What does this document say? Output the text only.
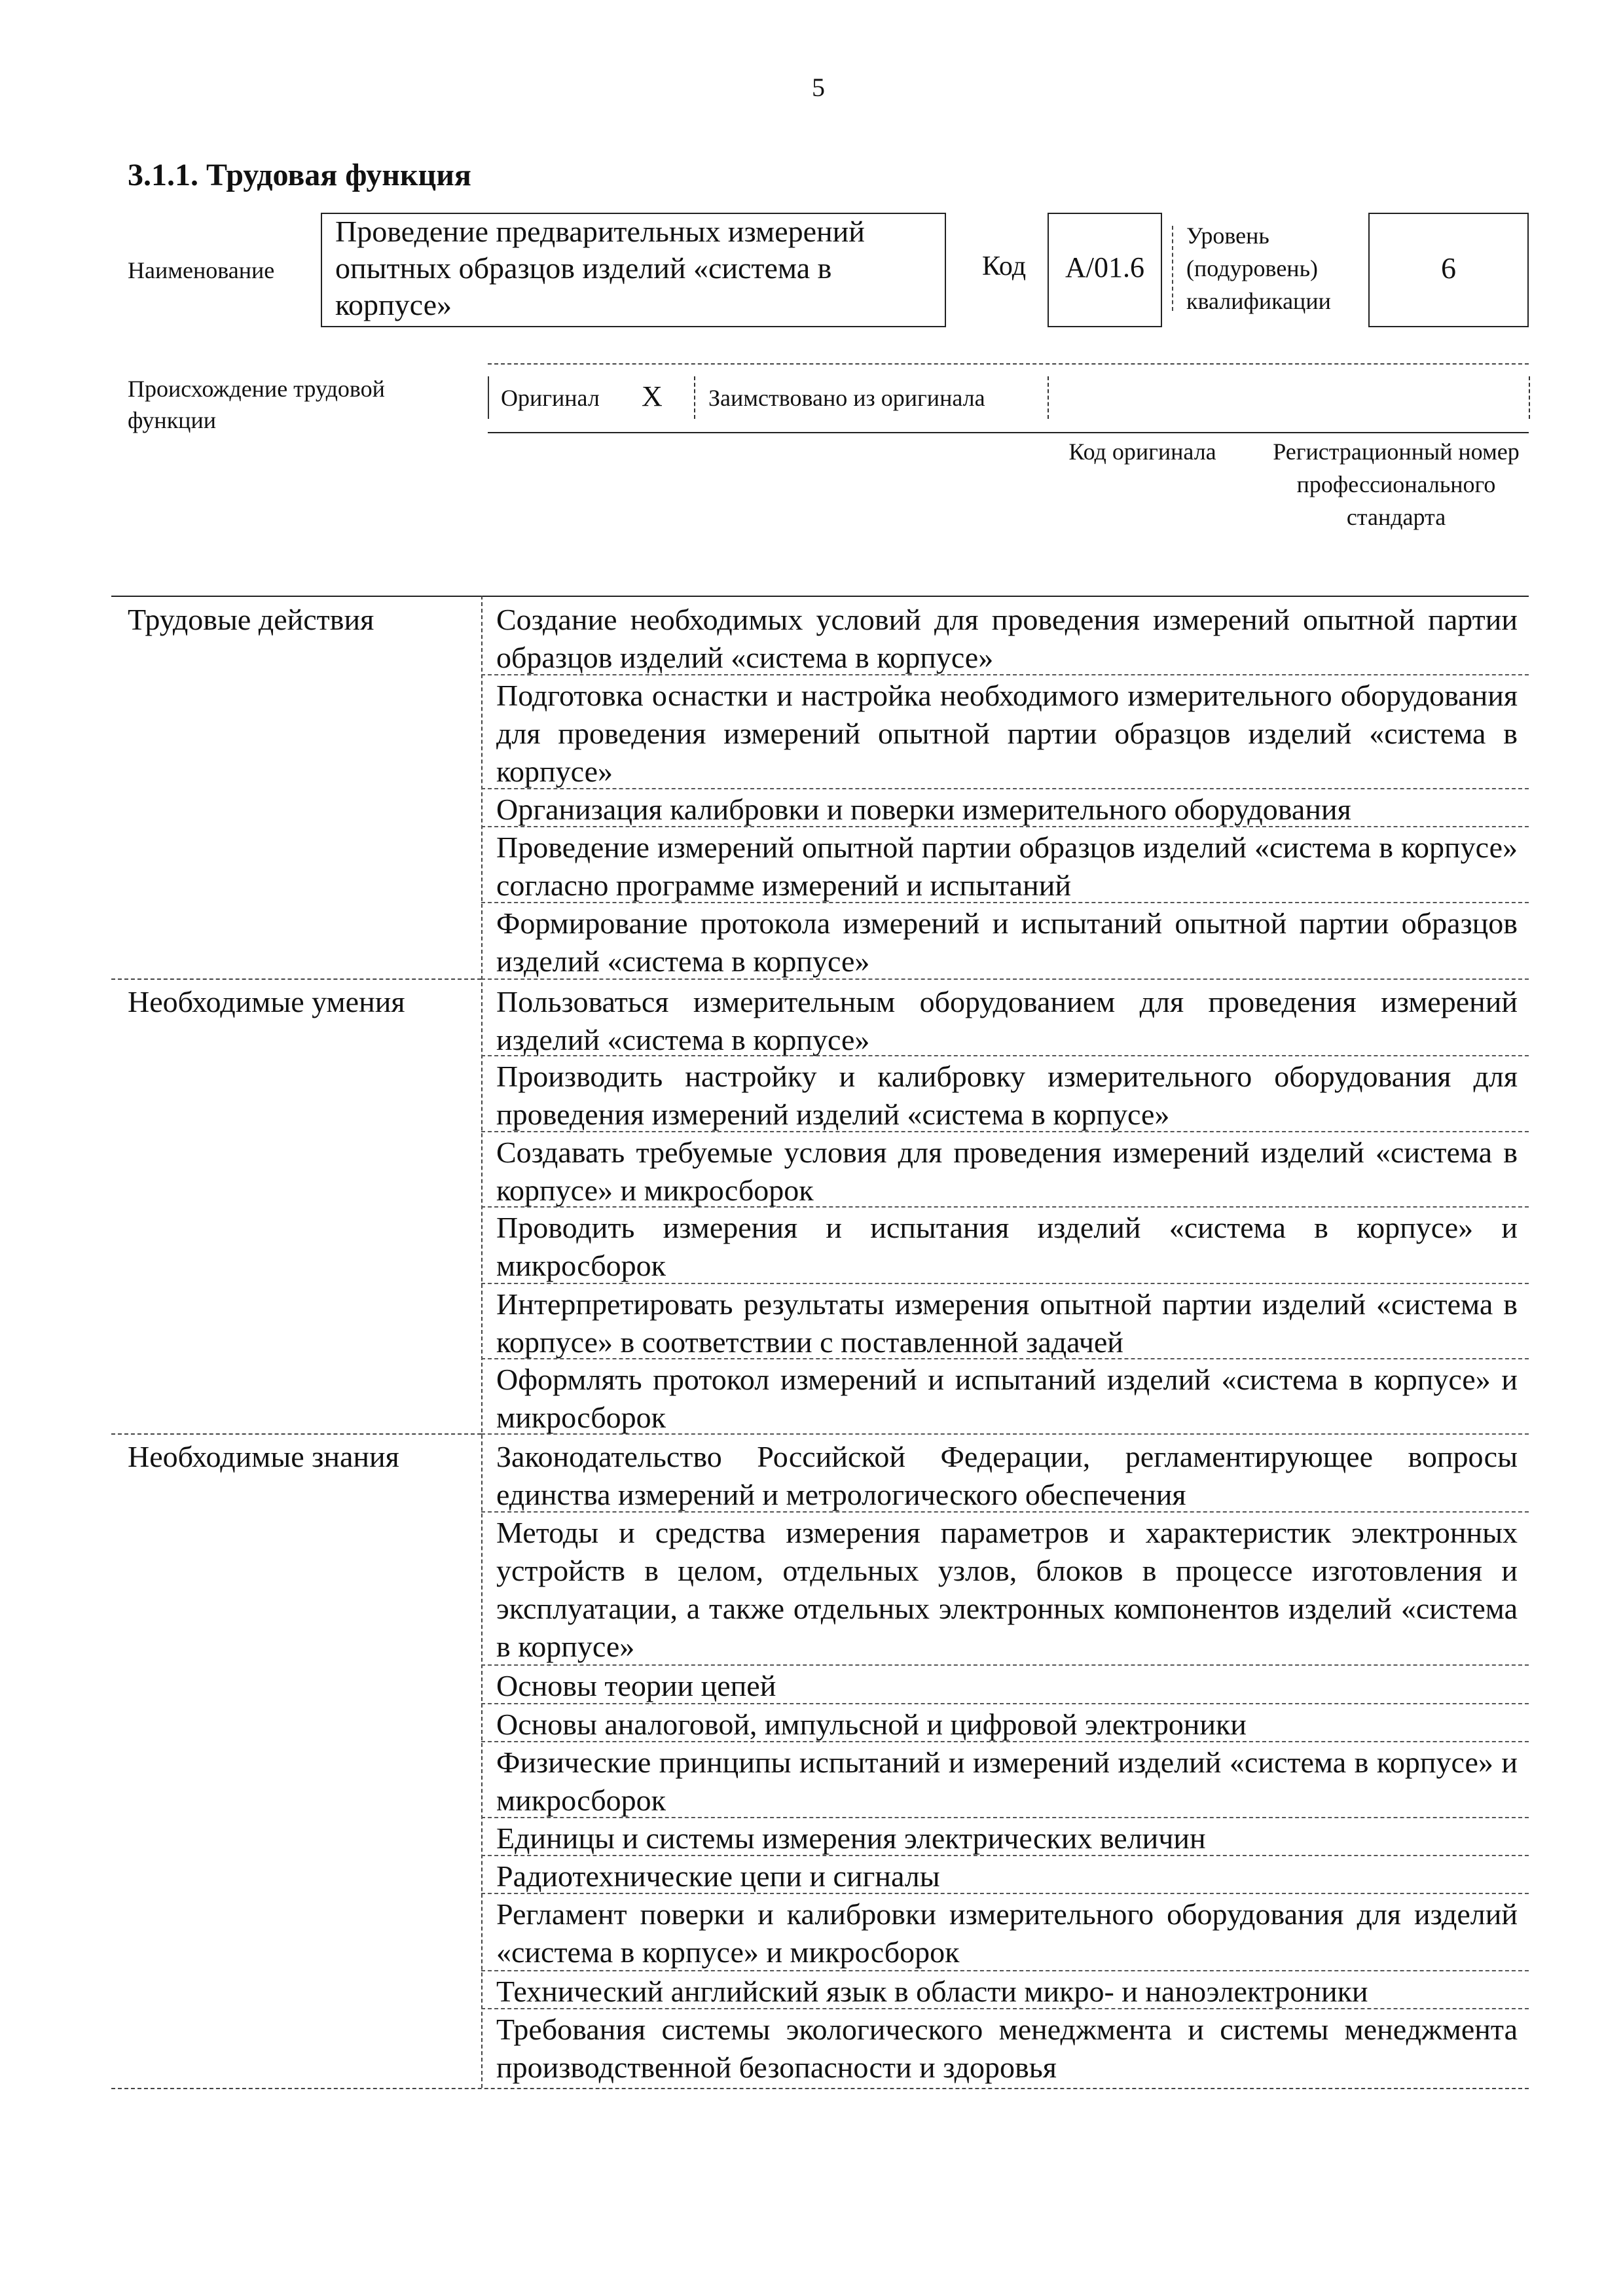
5
3.1.1. Трудовая функция
Наименование
Проведение предварительных измерений опытных образцов изделий «система в корпусе»
Код	A/01.6
Уровень (подуровень) квалификации
6
Происхождение трудовой функции
Оригинал X Заимствовано из оригинала
Код оригинала	Регистрационный номер профессионального стандарта
Трудовые действия
Необходимые умения
Необходимые знания
Создание необходимых условий для проведения измерений опытной партии образцов изделий «система в корпусе»
Подготовка оснастки и настройка необходимого измерительного оборудования для проведения измерений опытной партии образцов изделий «система в корпусе»
Организация калибровки и поверки измерительного оборудования
Проведение измерений опытной партии образцов изделий «система в корпусе» согласно программе измерений и испытаний
Формирование протокола измерений и испытаний опытной партии образцов изделий «система в корпусе»
Пользоваться измерительным оборудованием для проведения измерений изделий «система в корпусе»
Производить настройку и калибровку измерительного оборудования для проведения измерений изделий «система в корпусе»
Создавать требуемые условия для проведения измерений изделий «система в корпусе» и микросборок
Проводить измерения и испытания изделий «система в корпусе» и микросборок
Интерпретировать результаты измерения опытной партии изделий «система в корпусе» в соответствии с поставленной задачей
Оформлять протокол измерений и испытаний изделий «система в корпусе» и микросборок
Законодательство Российской Федерации, регламентирующее вопросы единства измерений и метрологического обеспечения
Методы и средства измерения параметров и характеристик электронных устройств в целом, отдельных узлов, блоков в процессе изготовления и эксплуатации, а также отдельных электронных компонентов изделий «система в корпусе»
Основы теории цепей
Основы аналоговой, импульсной и цифровой электроники
Физические принципы испытаний и измерений изделий «система в корпусе» и микросборок
Единицы и системы измерения электрических величин
Радиотехнические цепи и сигналы
Регламент поверки и калибровки измерительного оборудования для изделий «система в корпусе» и микросборок
Технический английский язык в области микро- и наноэлектроники
Требования системы экологического менеджмента и системы менеджмента производственной безопасности и здоровья
